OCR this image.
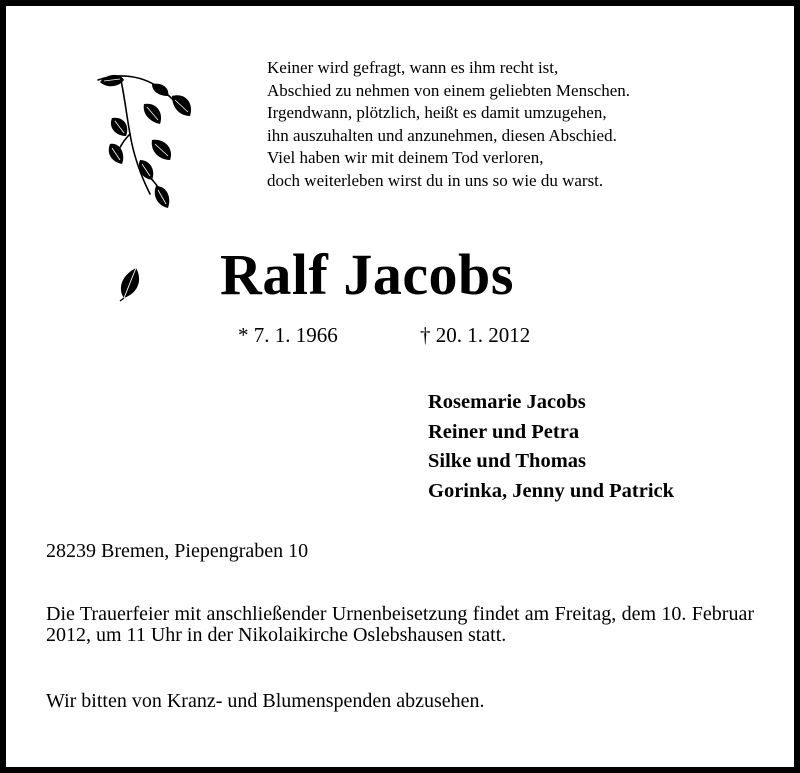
Keiner wird gefragt, wann es ihm recht ist,
Abschied zu nehmen von einem geliebten Menschen.
Irgendwann, plötzlich, heißt es damit umzugehen,
ihn auszuhalten und anzunehmen, diesen Abschied.
Viel haben wir mit deinem Tod verloren,
doch weiterleben wirst du in uns so wie du warst.
Ralf Jacobs
* 7. 1. 1966	† 20. 1. 2012
Rosemarie Jacobs
Reiner und Petra
Silke und Thomas
Gorinka, Jenny und Patrick
28239 Bremen, Piepengraben 10

Die Trauerfeier mit anschließender Urnenbeisetzung findet am Freitag, dem 10. Februar 2012, um 11 Uhr in der Nikolaikirche Oslebshausen statt.

Wir bitten von Kranz- und Blumenspenden abzusehen.
